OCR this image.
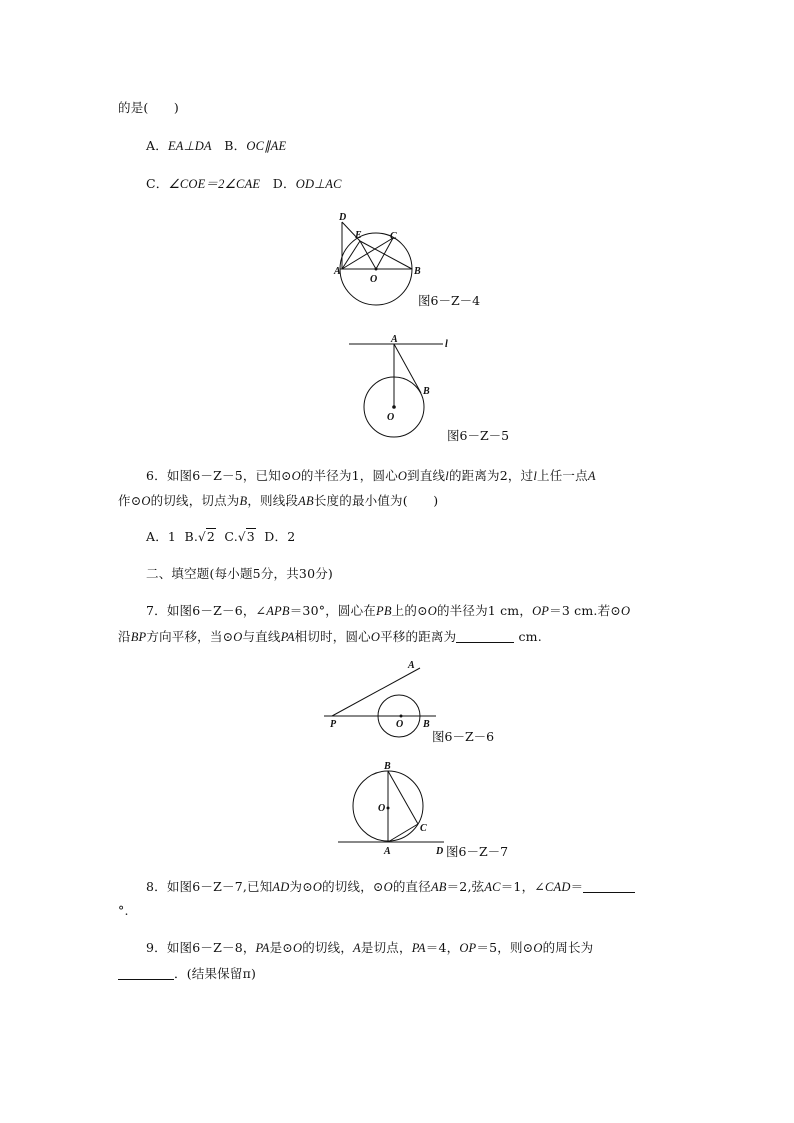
的是(　　)
A．EA⊥DA B．OC∥AE
C．∠COE＝2∠CAE D．OD⊥AC
D
E	C
A	B
O
图6－Z－4
A	l
B
O
图6－Z－5
6．如图6－Z－5，已知⊙O的半径为1，圆心O到直线l的距离为2，过l上任一点A
作⊙O的切线，切点为B，则线段AB长度的最小值为(　　)
A．1 B.√2 C.√3 D．2
二、填空题(每小题5分，共30分)
7．如图6－Z－6，∠APB＝30°，圆心在PB上的⊙O的半径为1 cm，OP＝3 cm.若⊙O
沿BP方向平移，当⊙O与直线PA相切时，圆心O平移的距离为	cm.
A
P	O B
图6－Z－6
B
O
C
A	D 图6－Z－7
8．如图6－Z－7,已知AD为⊙O的切线，⊙O的直径AB＝2,弦AC＝1，∠CAD＝
°.
9．如图6－Z－8，PA是⊙O的切线，A是切点，PA＝4，OP＝5，则⊙O的周长为
．(结果保留π)
